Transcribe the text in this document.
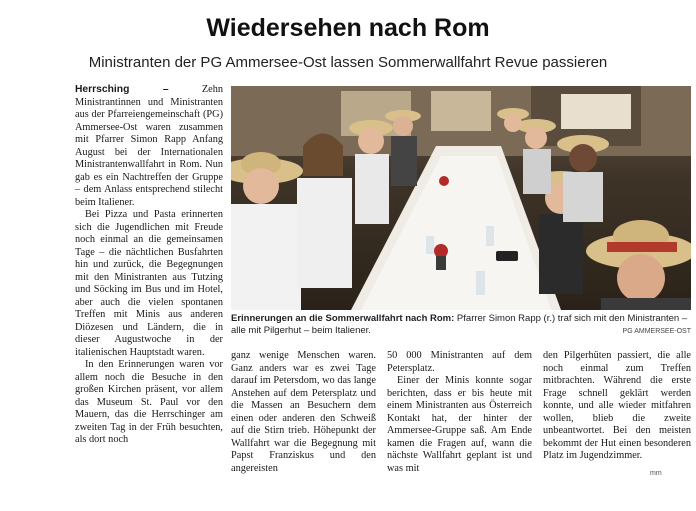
Wiedersehen nach Rom
Ministranten der PG Ammersee-Ost lassen Sommerwallfahrt Revue passieren

Herrsching –	Zehn Ministrantinnen und Ministranten aus der Pfarreiengemeinschaft (PG) Ammersee-Ost waren zusammen mit Pfarrer Simon Rapp Anfang August bei der Internationalen Ministrantenwallfahrt in Rom. Nun gab es ein Nachtreffen der Gruppe – dem Anlass entsprechend stilecht beim Italiener.

Bei Pizza und Pasta erinnerten sich die Jugendlichen mit Freude noch einmal an die gemeinsamen Tage – die nächtlichen Busfahrten hin und zurück, die Begegnungen mit den Ministranten aus Tutzing und Söcking im Bus und im Hotel, aber auch die vielen spontanen Treffen mit Minis aus anderen Diözesen und Ländern, die in dieser Augustwoche in der italienischen Hauptstadt waren.

In den Erinnerungen waren vor allem noch die Besuche in den großen Kirchen präsent, vor allem das Museum St. Paul vor den Mauern, das die Herrschinger am zweiten Tag in der Früh besuchten, als dort noch

Erinnerungen an die Sommerwallfahrt nach Rom: Pfarrer Simon Rapp (r.) traf sich mit den Ministranten – alle mit Pilgerhut – beim Italiener.	PG AMMERSEE-OST

ganz wenige Menschen waren. Ganz anders war es zwei Tage darauf im Petersdom, wo das lange Anstehen auf dem Petersplatz und die Massen an Besuchern dem einen oder anderen den Schweiß auf die Stirn trieb. Höhepunkt der Wallfahrt war die Begegnung mit Papst Franziskus und den angereisten

50 000 Ministranten auf dem Petersplatz.

Einer der Minis konnte sogar berichten, dass er bis heute mit einem Ministranten aus Österreich Kontakt hat, der hinter der Ammersee-Gruppe saß. Am Ende kamen die Fragen auf, wann die nächste Wallfahrt geplant ist und was mit

den Pilgerhüten passiert, die alle noch einmal zum Treffen mitbrachten. Während die erste Frage schnell geklärt werden konnte, und alle wieder mitfahren wollen, blieb die zweite unbeantwortet. Bei den meisten bekommt der Hut einen besonderen Platz im Jugendzimmer.

mm
